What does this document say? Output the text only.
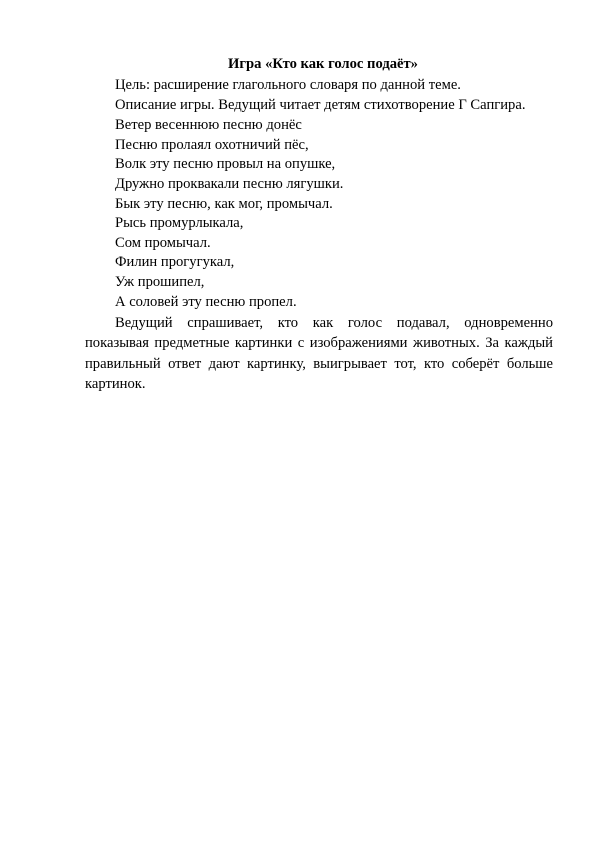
Игра «Кто как голос подаёт»

Цель: расширение глагольного словаря по данной теме.

Описание игры. Ведущий читает детям стихотворение Г Сапгира.

Ветер весеннюю песню донёс

Песню пролаял охотничий пёс,

Волк эту песню провыл на опушке,

Дружно проквакали песню лягушки.

Бык эту песню, как мог, промычал.

Рысь промурлыкала,

Сом промычал.

Филин прогугукал,

Уж прошипел,

А соловей эту песню пропел.

Ведущий спрашивает, кто как голос подавал, одновременно показывая предметные картинки с изображениями животных. За каждый правильный ответ дают картинку, выигрывает тот, кто соберёт больше картинок.
